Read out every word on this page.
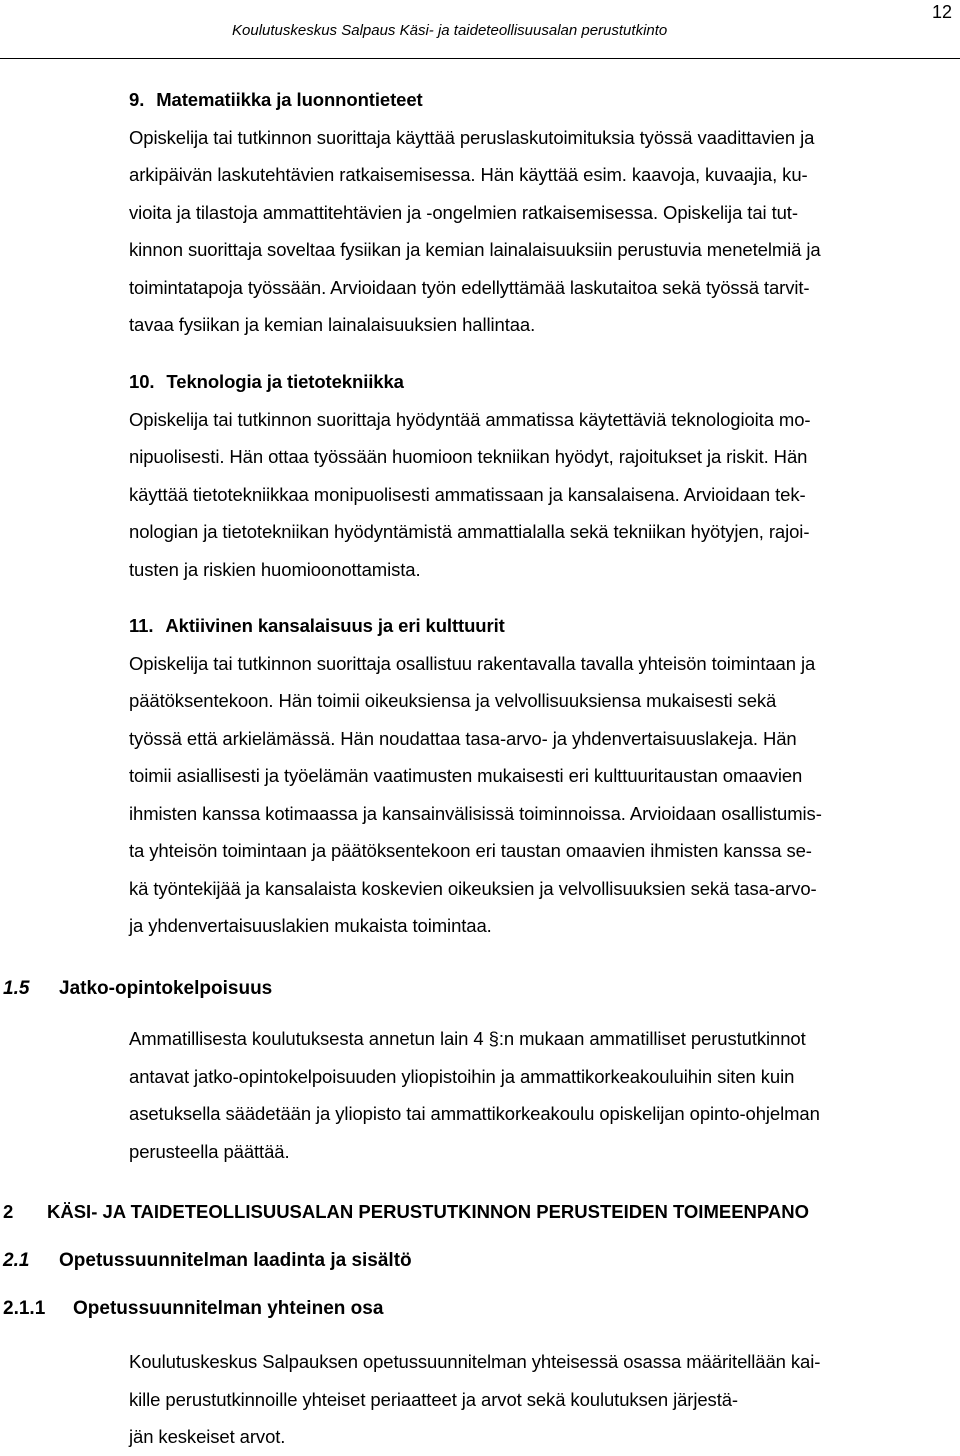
12
Koulutuskeskus Salpaus Käsi- ja taideteollisuusalan perustutkinto

9. Matematiikka ja luonnontieteet

Opiskelija tai tutkinnon suorittaja käyttää peruslaskutoimituksia työssä vaadittavien ja

arkipäivän laskutehtävien ratkaisemisessa. Hän käyttää esim. kaavoja, kuvaajia, ku-

vioita ja tilastoja ammattitehtävien ja -ongelmien ratkaisemisessa. Opiskelija tai tut-

kinnon suorittaja soveltaa fysiikan ja kemian lainalaisuuksiin perustuvia menetelmiä ja

toimintatapoja työssään. Arvioidaan työn edellyttämää laskutaitoa sekä työssä tarvit-

tavaa fysiikan ja kemian lainalaisuuksien hallintaa.

10. Teknologia ja tietotekniikka

Opiskelija tai tutkinnon suorittaja hyödyntää ammatissa käytettäviä teknologioita mo-

nipuolisesti. Hän ottaa työssään huomioon tekniikan hyödyt, rajoitukset ja riskit. Hän

käyttää tietotekniikkaa monipuolisesti ammatissaan ja kansalaisena. Arvioidaan tek-

nologian ja tietotekniikan hyödyntämistä ammattialalla sekä tekniikan hyötyjen, rajoi-

tusten ja riskien huomioonottamista.

11. Aktiivinen kansalaisuus ja eri kulttuurit

Opiskelija tai tutkinnon suorittaja osallistuu rakentavalla tavalla yhteisön toimintaan ja

päätöksentekoon. Hän toimii oikeuksiensa ja velvollisuuksiensa mukaisesti sekä

työssä että arkielämässä. Hän noudattaa tasa-arvo- ja yhdenvertaisuuslakeja. Hän

toimii asiallisesti ja työelämän vaatimusten mukaisesti eri kulttuuritaustan omaavien

ihmisten kanssa kotimaassa ja kansainvälisissä toiminnoissa. Arvioidaan osallistumis-

ta yhteisön toimintaan ja päätöksentekoon eri taustan omaavien ihmisten kanssa se-

kä työntekijää ja kansalaista koskevien oikeuksien ja velvollisuuksien sekä tasa-arvo-

ja yhdenvertaisuuslakien mukaista toimintaa.

1.5 Jatko-opintokelpoisuus

Ammatillisesta koulutuksesta annetun lain 4 §:n mukaan ammatilliset perustutkinnot

antavat jatko-opintokelpoisuuden yliopistoihin ja ammattikorkeakouluihin siten kuin

asetuksella säädetään ja yliopisto tai ammattikorkeakoulu opiskelijan opinto-ohjelman

perusteella päättää.

2 KÄSI- JA TAIDETEOLLISUUSALAN PERUSTUTKINNON PERUSTEIDEN TOIMEENPANO
2.1 Opetussuunnitelman laadinta ja sisältö
2.1.1 Opetussuunnitelman yhteinen osa

Koulutuskeskus Salpauksen opetussuunnitelman yhteisessä osassa määritellään kai-

kille perustutkinnoille yhteiset periaatteet ja arvot sekä koulutuksen järjestä-

jän keskeiset arvot.
